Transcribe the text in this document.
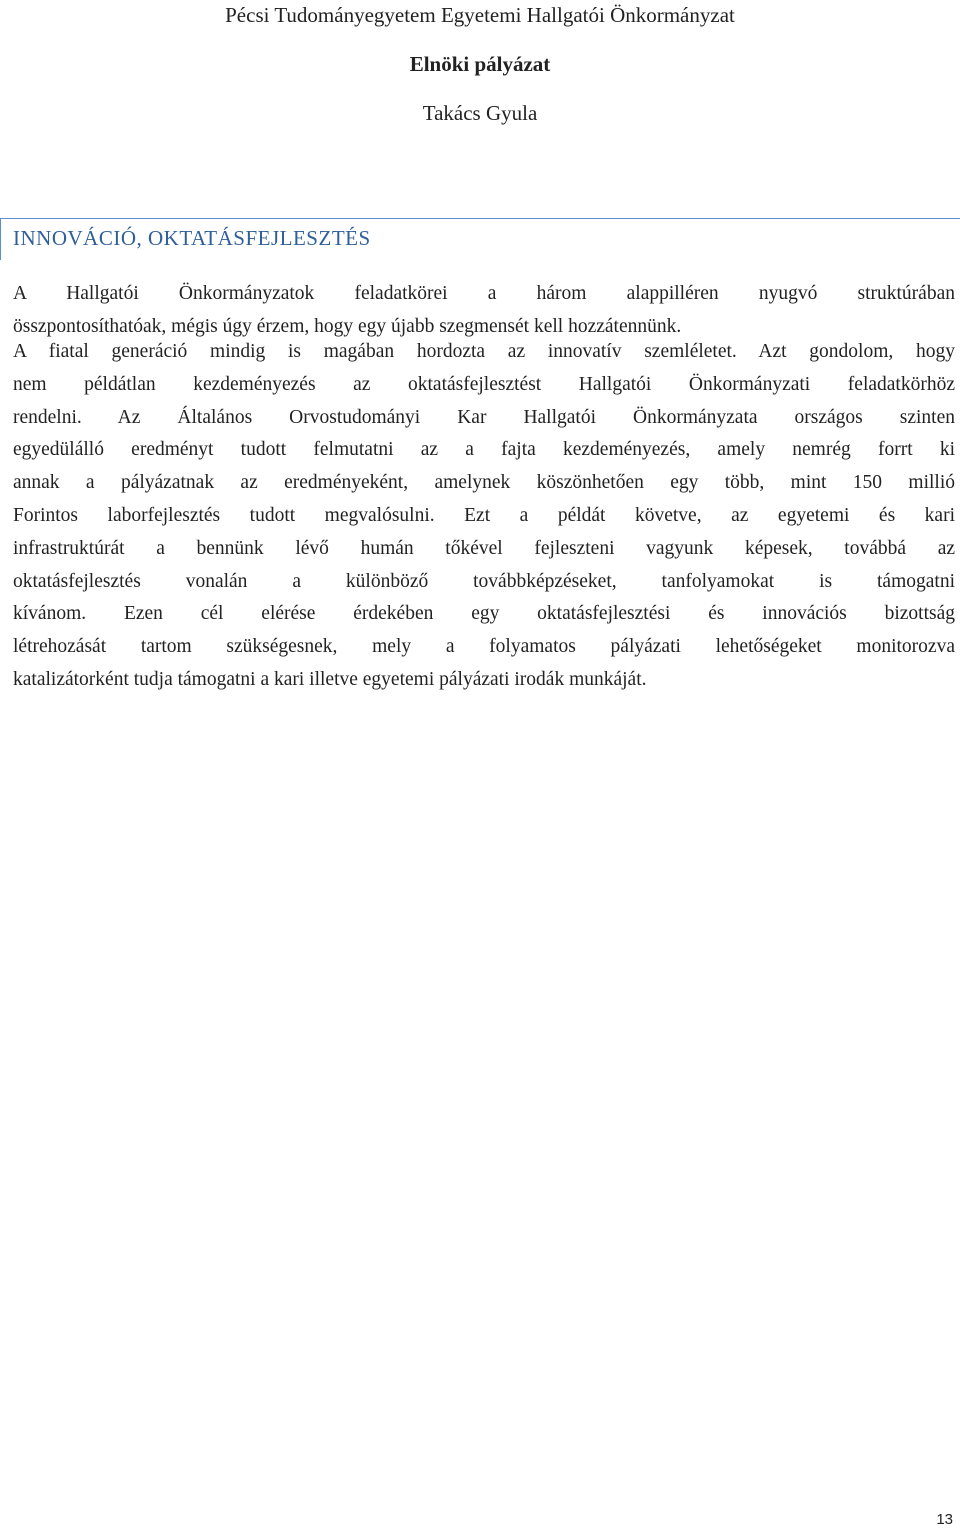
Pécsi Tudományegyetem Egyetemi Hallgatói Önkormányzat
Elnöki pályázat
Takács Gyula
INNOVÁCIÓ, OKTATÁSFEJLESZTÉS
A Hallgatói Önkormányzatok feladatkörei a három alappilléren nyugvó struktúrában
összpontosíthatóak, mégis úgy érzem, hogy egy újabb szegmensét kell hozzátennünk.
A fiatal generáció mindig is magában hordozta az innovatív szemléletet. Azt gondolom, hogy
nem példátlan kezdeményezés az oktatásfejlesztést Hallgatói Önkormányzati feladatkörhöz
rendelni. Az Általános Orvostudományi Kar Hallgatói Önkormányzata országos szinten
egyedülálló eredményt tudott felmutatni az a fajta kezdeményezés, amely nemrég forrt ki
annak a pályázatnak az eredményeként, amelynek köszönhetően egy több, mint 150 millió
Forintos laborfejlesztés tudott megvalósulni. Ezt a példát követve, az egyetemi és kari
infrastruktúrát a bennünk lévő humán tőkével fejleszteni vagyunk képesek, továbbá az
oktatásfejlesztés vonalán a különböző továbbképzéseket, tanfolyamokat is támogatni
kívánom. Ezen cél elérése érdekében egy oktatásfejlesztési és innovációs bizottság
létrehozását tartom szükségesnek, mely a folyamatos pályázati lehetőségeket monitorozva
katalizátorként tudja támogatni a kari illetve egyetemi pályázati irodák munkáját.
13
